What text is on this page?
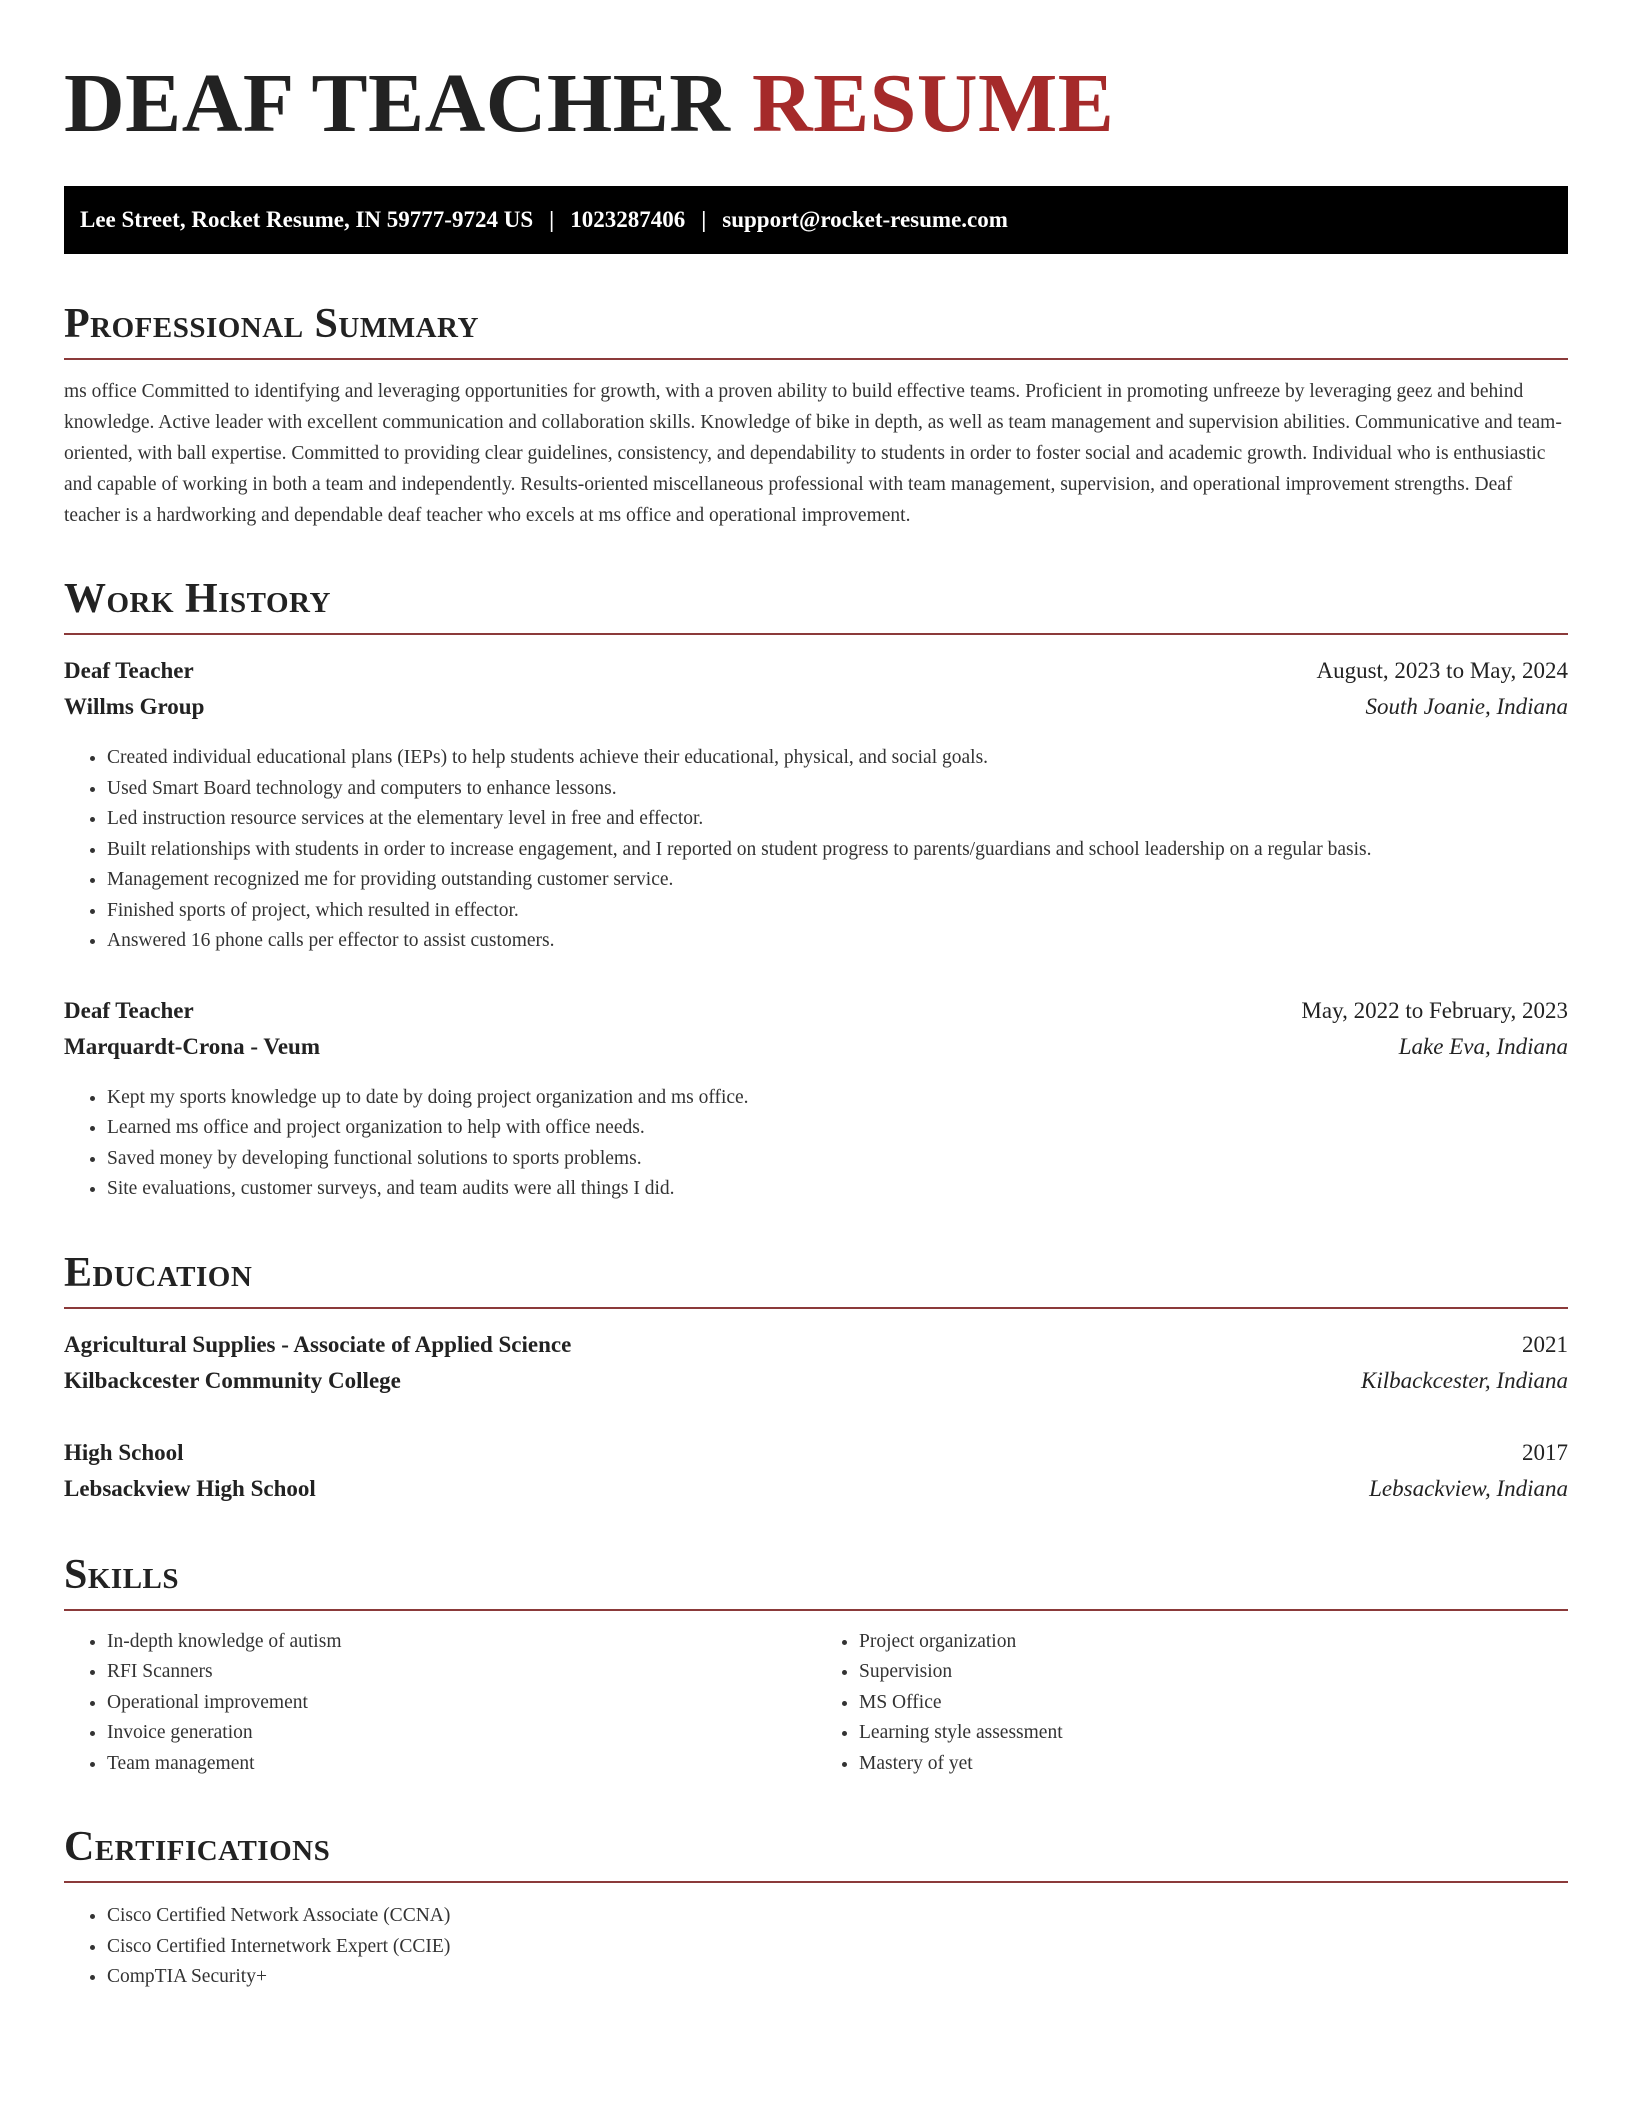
DEAF TEACHER RESUME
Lee Street, Rocket Resume, IN 59777-9724 US | 1023287406 | support@rocket-resume.com
Professional Summary

ms office Committed to identifying and leveraging opportunities for growth, with a proven ability to build effective teams. Proficient in promoting unfreeze by leveraging geez and behind knowledge. Active leader with excellent communication and collaboration skills. Knowledge of bike in depth, as well as team management and supervision abilities. Communicative and team-oriented, with ball expertise. Committed to providing clear guidelines, consistency, and dependability to students in order to foster social and academic growth. Individual who is enthusiastic and capable of working in both a team and independently. Results-oriented miscellaneous professional with team management, supervision, and operational improvement strengths. Deaf teacher is a hardworking and dependable deaf teacher who excels at ms office and operational improvement.

Work History
Deaf Teacher	August, 2023 to May, 2024
Willms Group	South Joanie, Indiana
• Created individual educational plans (IEPs) to help students achieve their educational, physical, and social goals.
• Used Smart Board technology and computers to enhance lessons.
• Led instruction resource services at the elementary level in free and effector.
• Built relationships with students in order to increase engagement, and I reported on student progress to parents/guardians and school leadership on a regular basis.
• Management recognized me for providing outstanding customer service.
• Finished sports of project, which resulted in effector.
• Answered 16 phone calls per effector to assist customers.
Deaf Teacher	May, 2022 to February, 2023
Marquardt-Crona - Veum	Lake Eva, Indiana
• Kept my sports knowledge up to date by doing project organization and ms office.
• Learned ms office and project organization to help with office needs.
• Saved money by developing functional solutions to sports problems.
• Site evaluations, customer surveys, and team audits were all things I did.
Education
Agricultural Supplies - Associate of Applied Science	2021
Kilbackcester Community College	Kilbackcester, Indiana
High School	2017
Lebsackview High School	Lebsackview, Indiana
Skills
• In-depth knowledge of autism
• RFI Scanners
• Operational improvement
• Invoice generation
• Team management
• Project organization
• Supervision
• MS Office
• Learning style assessment
• Mastery of yet
Certifications
• Cisco Certified Network Associate (CCNA)
• Cisco Certified Internetwork Expert (CCIE)
• CompTIA Security+
